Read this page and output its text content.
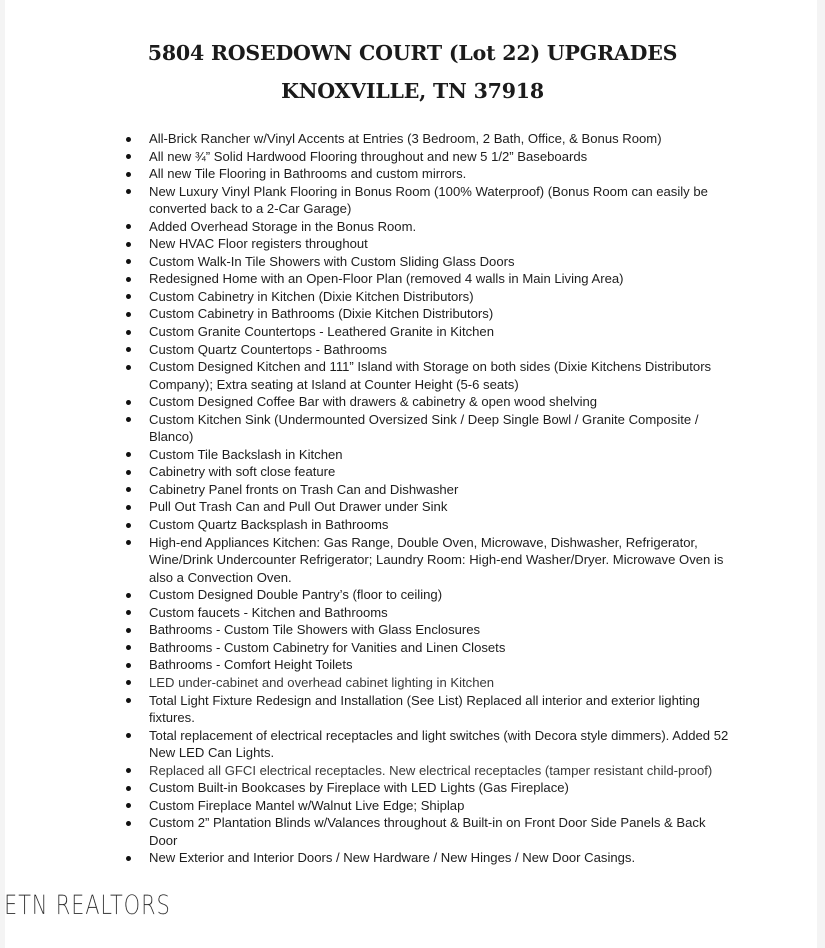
5804 ROSEDOWN COURT (Lot 22) UPGRADES
KNOXVILLE, TN 37918
All-Brick Rancher w/Vinyl Accents at Entries (3 Bedroom, 2 Bath, Office, & Bonus Room)
All new ¾” Solid Hardwood Flooring throughout and new 5 1/2” Baseboards
All new Tile Flooring in Bathrooms and custom mirrors.
New Luxury Vinyl Plank Flooring in Bonus Room (100% Waterproof) (Bonus Room can easily be converted back to a 2-Car Garage)
Added Overhead Storage in the Bonus Room.
New HVAC Floor registers throughout
Custom Walk-In Tile Showers with Custom Sliding Glass Doors
Redesigned Home with an Open-Floor Plan (removed 4 walls in Main Living Area)
Custom Cabinetry in Kitchen (Dixie Kitchen Distributors)
Custom Cabinetry in Bathrooms (Dixie Kitchen Distributors)
Custom Granite Countertops - Leathered Granite in Kitchen
Custom Quartz Countertops - Bathrooms
Custom Designed Kitchen and 111” Island with Storage on both sides (Dixie Kitchens Distributors Company); Extra seating at Island at Counter Height (5-6 seats)
Custom Designed Coffee Bar with drawers & cabinetry & open wood shelving
Custom Kitchen Sink (Undermounted Oversized Sink / Deep Single Bowl / Granite Composite / Blanco)
Custom Tile Backslash in Kitchen
Cabinetry with soft close feature
Cabinetry Panel fronts on Trash Can and Dishwasher
Pull Out Trash Can and Pull Out Drawer under Sink
Custom Quartz Backsplash in Bathrooms
High-end Appliances Kitchen: Gas Range, Double Oven, Microwave, Dishwasher, Refrigerator, Wine/Drink Undercounter Refrigerator; Laundry Room: High-end Washer/Dryer. Microwave Oven is also a Convection Oven.
Custom Designed Double Pantry’s (floor to ceiling)
Custom faucets - Kitchen and Bathrooms
Bathrooms - Custom Tile Showers with Glass Enclosures
Bathrooms - Custom Cabinetry for Vanities and Linen Closets
Bathrooms - Comfort Height Toilets
LED under-cabinet and overhead cabinet lighting in Kitchen
Total Light Fixture Redesign and Installation (See List) Replaced all interior and exterior lighting fixtures.
Total replacement of electrical receptacles and light switches (with Decora style dimmers). Added 52 New LED Can Lights.
Replaced all GFCI electrical receptacles. New electrical receptacles (tamper resistant child-proof)
Custom Built-in Bookcases by Fireplace with LED Lights (Gas Fireplace)
Custom Fireplace Mantel w/Walnut Live Edge; Shiplap
Custom 2” Plantation Blinds w/Valances throughout & Built-in on Front Door Side Panels & Back Door
New Exterior and Interior Doors / New Hardware / New Hinges / New Door Casings.
ETN REALTORS
